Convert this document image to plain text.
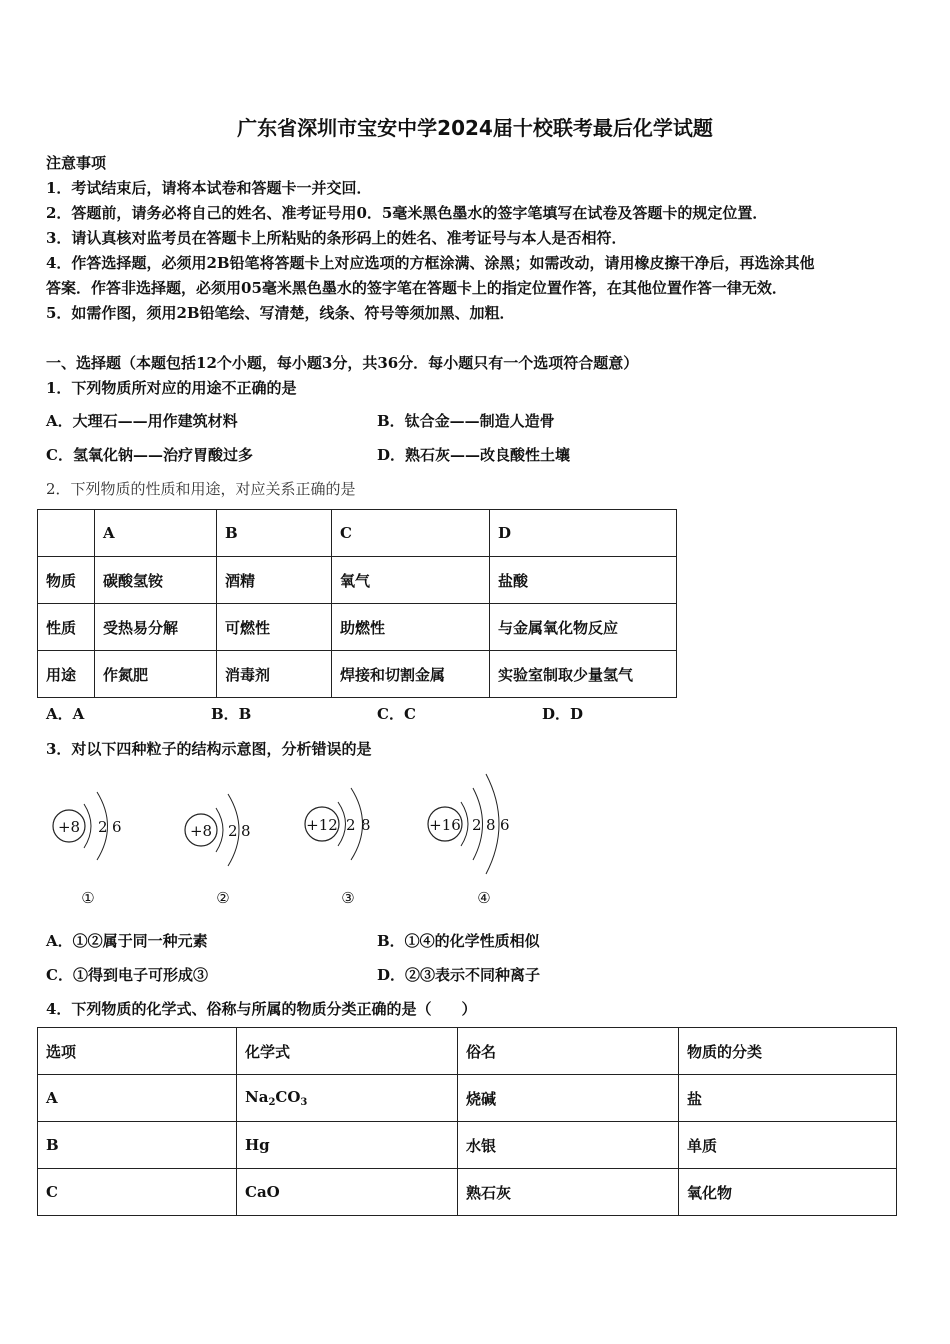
广东省深圳市宝安中学2024届十校联考最后化学试题
注意事项
1．考试结束后，请将本试卷和答题卡一并交回．
2．答题前，请务必将自己的姓名、准考证号用0．5毫米黑色墨水的签字笔填写在试卷及答题卡的规定位置．
3．请认真核对监考员在答题卡上所粘贴的条形码上的姓名、准考证号与本人是否相符．
4．作答选择题，必须用2B铅笔将答题卡上对应选项的方框涂满、涂黑；如需改动，请用橡皮擦干净后，再选涂其他
答案．作答非选择题，必须用05毫米黑色墨水的签字笔在答题卡上的指定位置作答，在其他位置作答一律无效．
5．如需作图，须用2B铅笔绘、写清楚，线条、符号等须加黑、加粗．
一、选择题（本题包括12个小题，每小题3分，共36分．每小题只有一个选项符合题意）
1．下列物质所对应的用途不正确的是
A．大理石——用作建筑材料	B．钛合金——制造人造骨
C．氢氧化钠——治疗胃酸过多	D．熟石灰——改良酸性土壤
2．下列物质的性质和用途，对应关系正确的是
	A	B	C	D
物质	碳酸氢铵	酒精	氧气	盐酸
性质	受热易分解	可燃性	助燃性	与金属氧化物反应
用途	作氮肥	消毒剂	焊接和切割金属	实验室制取少量氢气
A．A	B．B	C．C	D．D
3．对以下四种粒子的结构示意图，分析错误的是
+8 2 6
①
+8 2 8
②
+12 2 8
③
+16 2 8 6
④
A．①②属于同一种元素	B．①④的化学性质相似
C．①得到电子可形成③	D．②③表示不同种离子
4．下列物质的化学式、俗称与所属的物质分类正确的是（　　）
选项	化学式	俗名	物质的分类
A	$Na_2CO_3$	烧碱	盐
B	Hg	水银	单质
C	CaO	熟石灰	氧化物
